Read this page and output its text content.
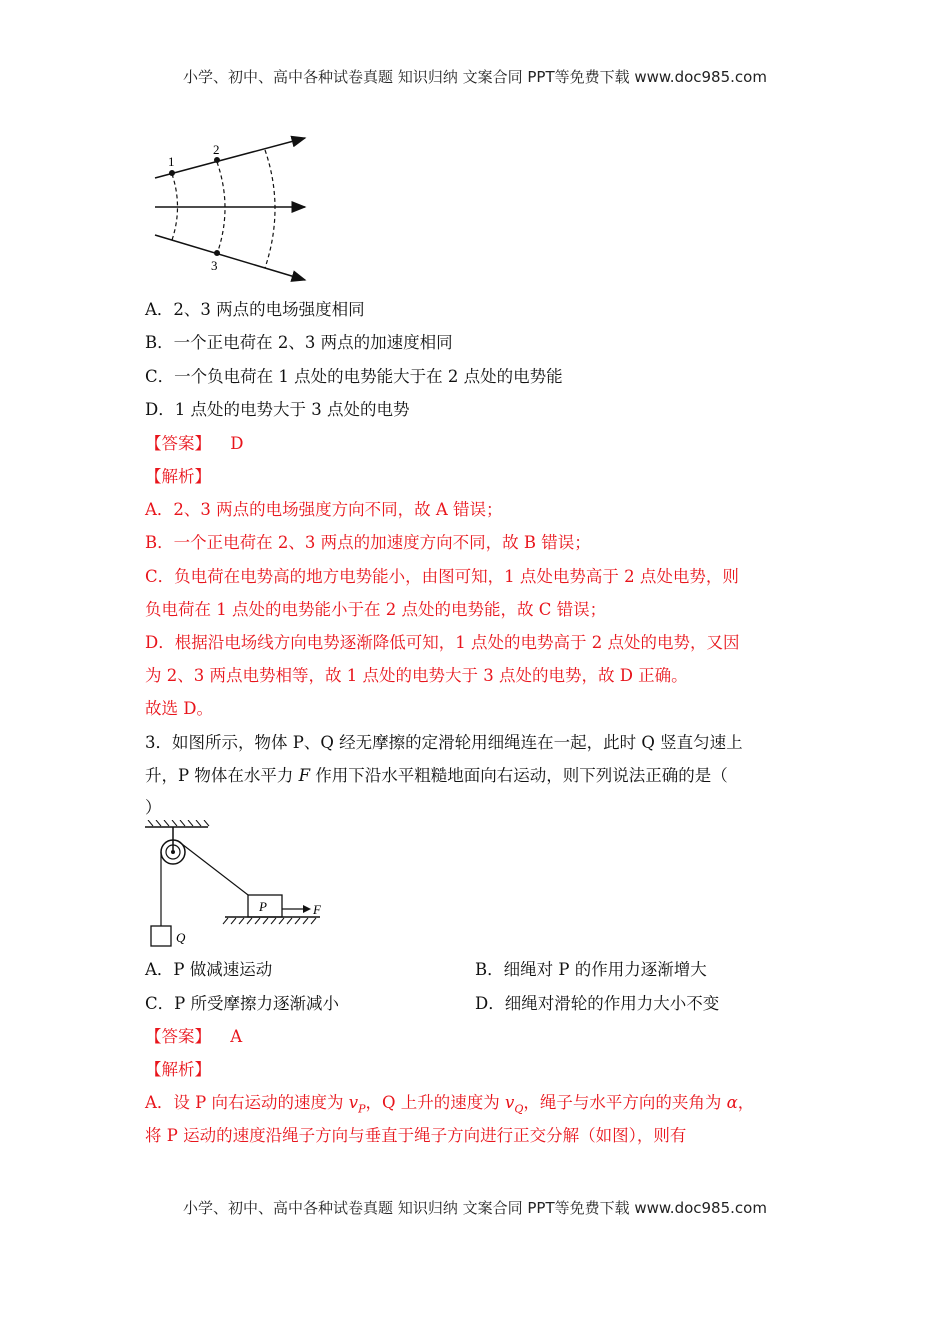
小学、初中、高中各种试卷真题 知识归纳 文案合同 PPT等免费下载 www.doc985.com
1
2
3
A．2、3 两点的电场强度相同
B．一个正电荷在 2、3 两点的加速度相同
C．一个负电荷在 1 点处的电势能大于在 2 点处的电势能
D．1 点处的电势大于 3 点处的电势
【答案】 D
【解析】
A．2、3 两点的电场强度方向不同，故 A 错误；
B．一个正电荷在 2、3 两点的加速度方向不同，故 B 错误；
C．负电荷在电势高的地方电势能小，由图可知，1 点处电势高于 2 点处电势，则
负电荷在 1 点处的电势能小于在 2 点处的电势能，故 C 错误；
D．根据沿电场线方向电势逐渐降低可知，1 点处的电势高于 2 点处的电势，又因
为 2、3 两点电势相等，故 1 点处的电势大于 3 点处的电势，故 D 正确。
故选 D。
3．如图所示，物体 P、Q 经无摩擦的定滑轮用细绳连在一起，此时 Q 竖直匀速上
升，P 物体在水平力 F 作用下沿水平粗糙地面向右运动，则下列说法正确的是（
）
Q
P	F
A．P 做减速运动	B．细绳对 P 的作用力逐渐增大
C．P 所受摩擦力逐渐减小	D．细绳对滑轮的作用力大小不变
【答案】 A
【解析】
A．设 P 向右运动的速度为 $v_P$，Q 上升的速度为 $v_Q$，绳子与水平方向的夹角为 α，
将 P 运动的速度沿绳子方向与垂直于绳子方向进行正交分解（如图），则有
小学、初中、高中各种试卷真题 知识归纳 文案合同 PPT等免费下载 www.doc985.com
